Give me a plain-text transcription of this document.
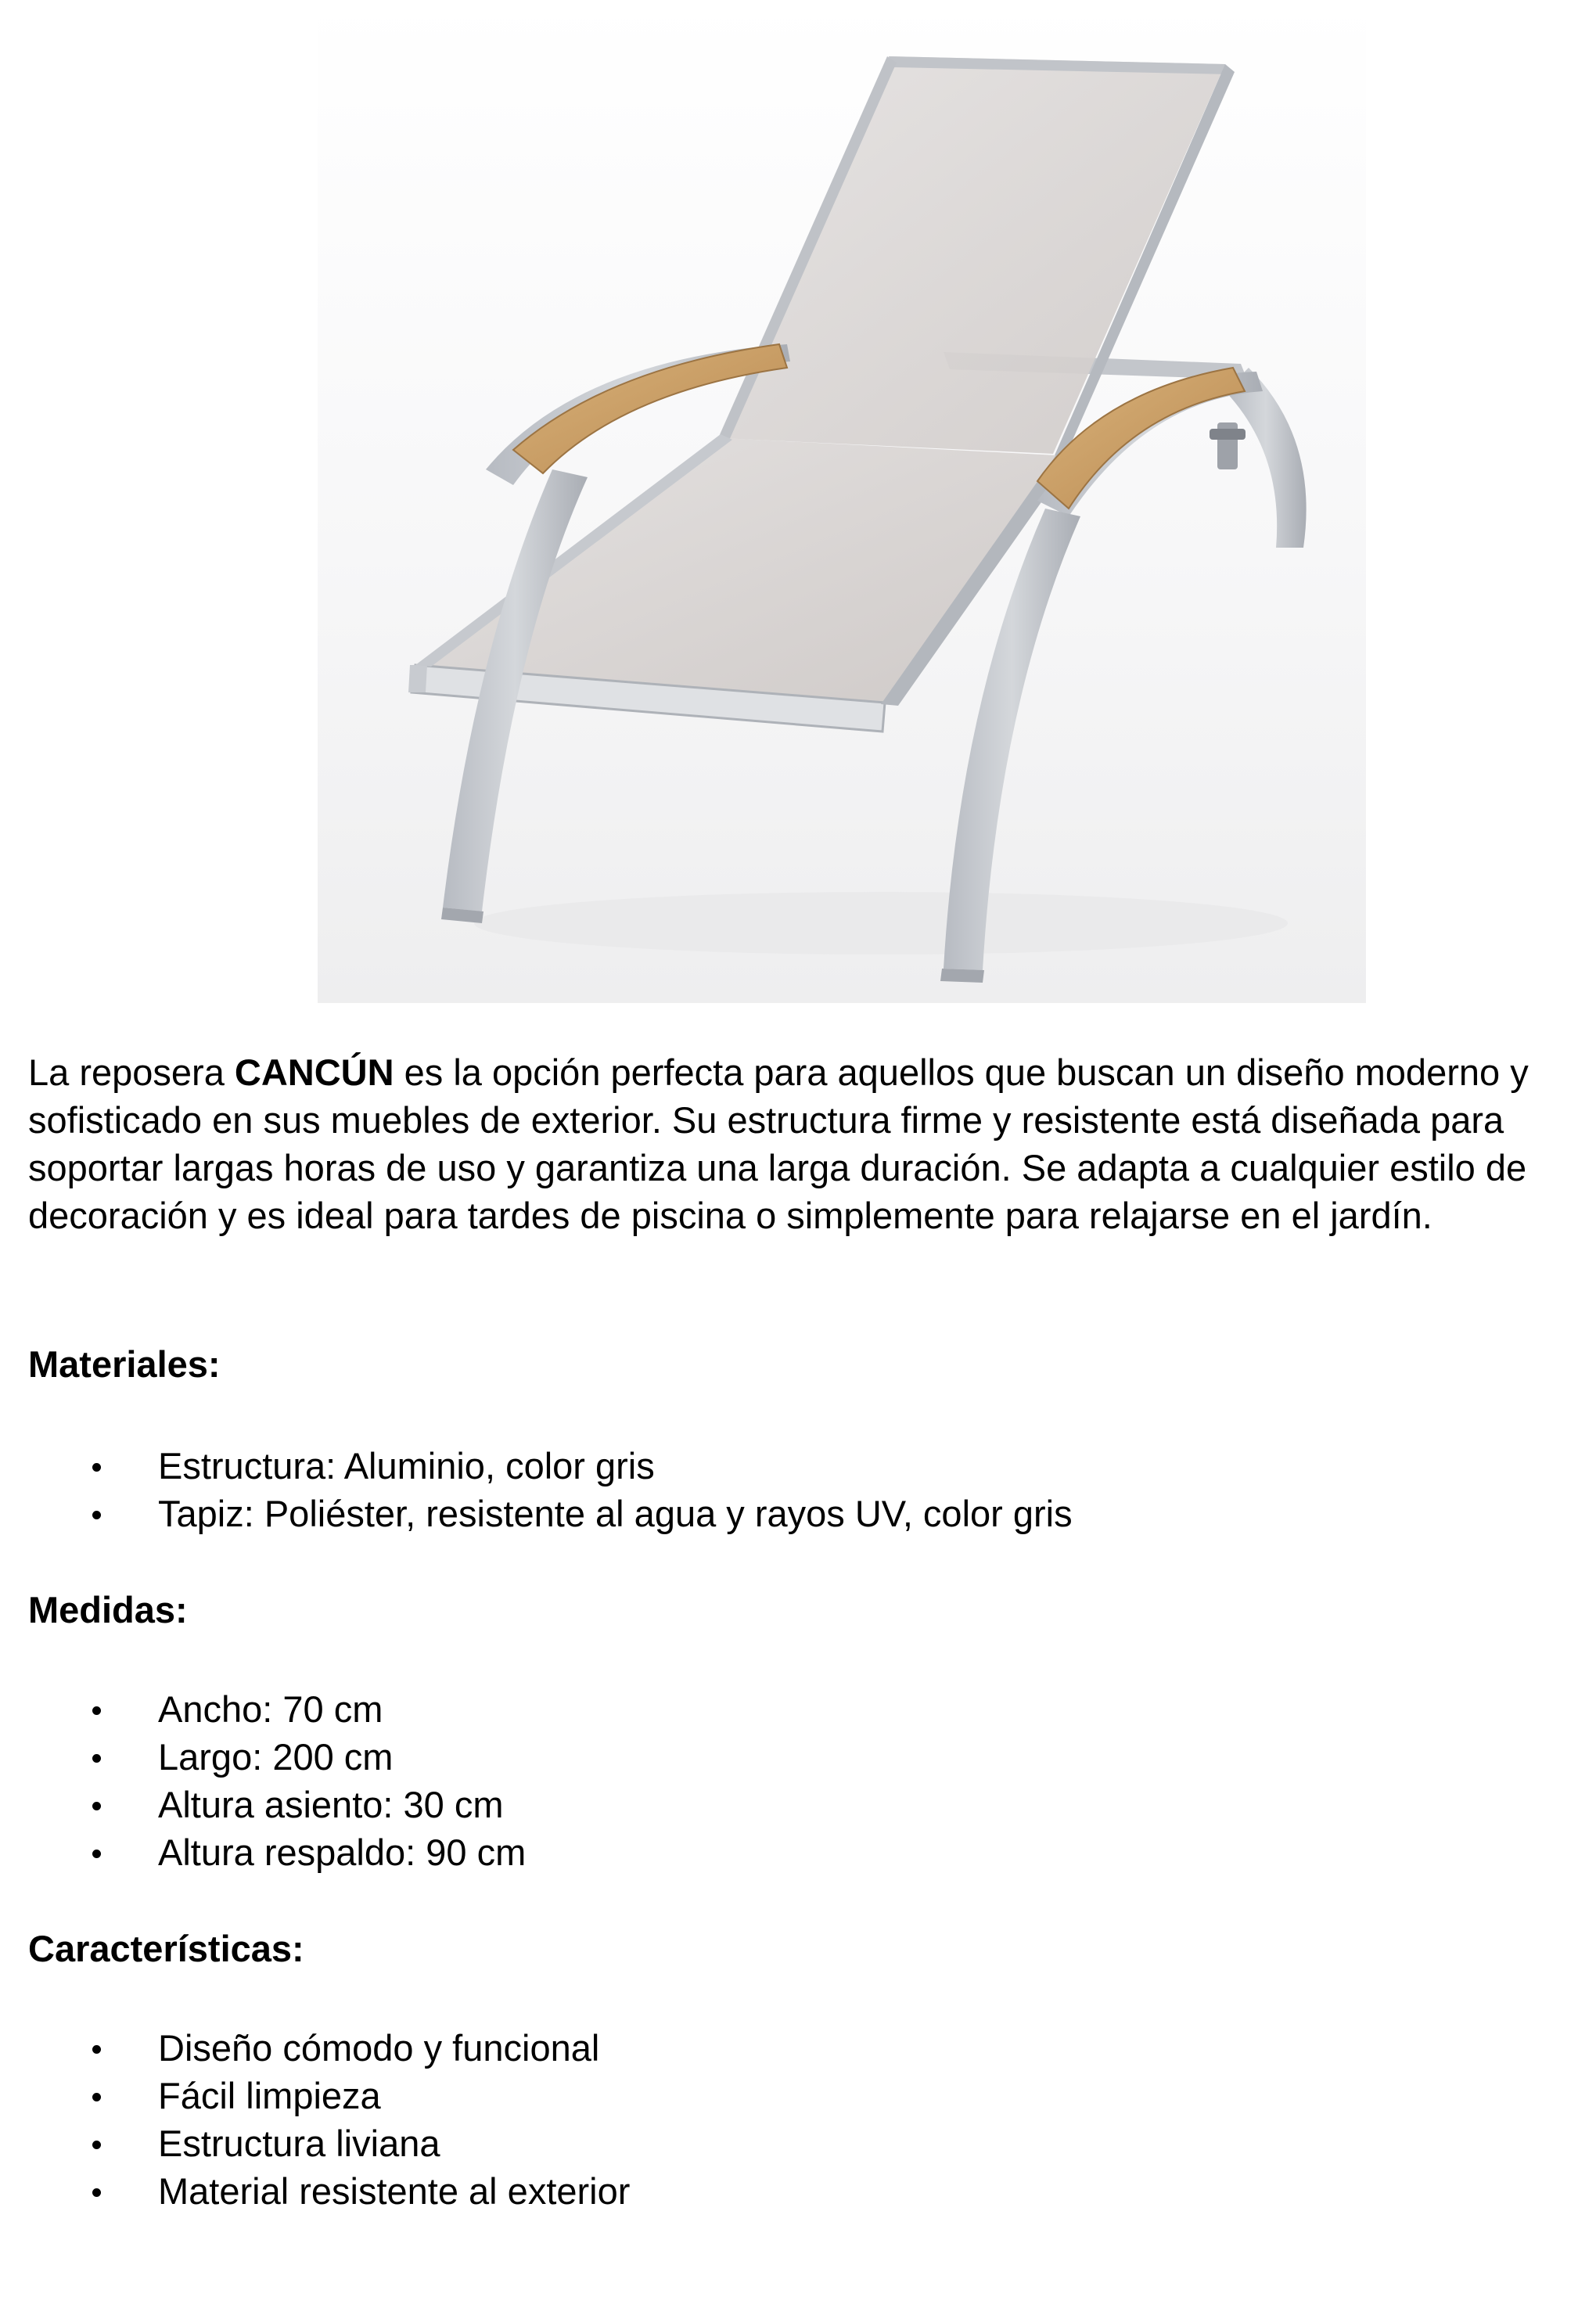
La reposera CANCÚN es la opción perfecta para aquellos que buscan un diseño moderno y sofisticado en sus muebles de exterior. Su estructura firme y resistente está diseñada para soportar largas horas de uso y garantiza una larga duración. Se adapta a cualquier estilo de decoración y es ideal para tardes de piscina o simplemente para relajarse en el jardín.

Materiales:
Estructura: Aluminio, color gris
Tapiz: Poliéster, resistente al agua y rayos UV, color gris
Medidas:
Ancho: 70 cm
Largo: 200 cm
Altura asiento: 30 cm
Altura respaldo: 90 cm
Características:
Diseño cómodo y funcional
Fácil limpieza
Estructura liviana
Material resistente al exterior
